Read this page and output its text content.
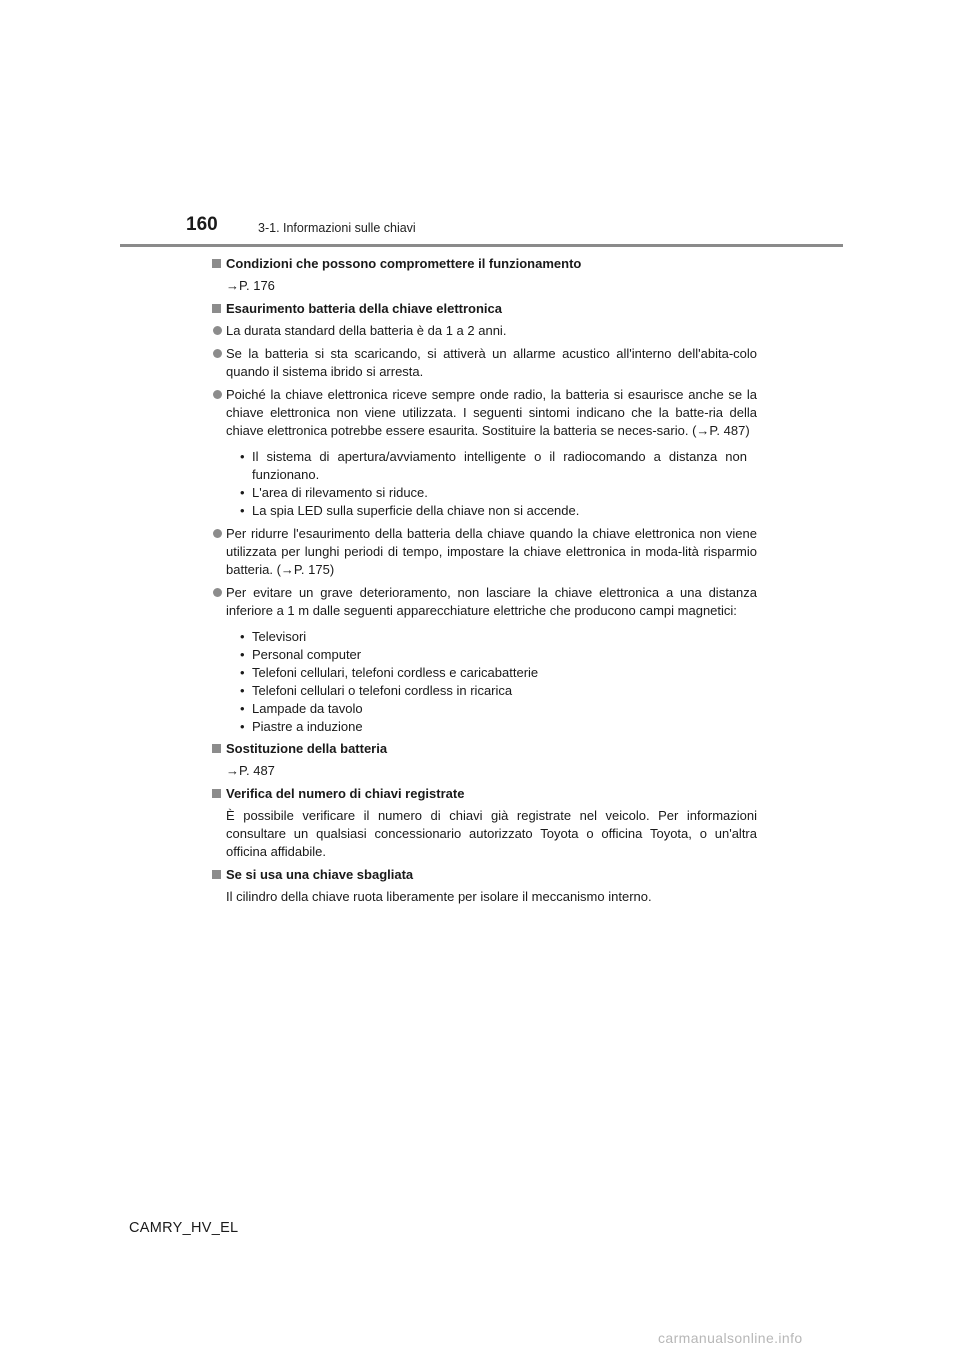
160	3-1. Informazioni sulle chiavi
Condizioni che possono compromettere il funzionamento
→P. 176
Esaurimento batteria della chiave elettronica
La durata standard della batteria è da 1 a 2 anni.
Se la batteria si sta scaricando, si attiverà un allarme acustico all'interno dell'abita-colo quando il sistema ibrido si arresta.
Poiché la chiave elettronica riceve sempre onde radio, la batteria si esaurisce anche se la chiave elettronica non viene utilizzata. I seguenti sintomi indicano che la batte-ria della chiave elettronica potrebbe essere esaurita. Sostituire la batteria se neces-sario. (→P. 487)
• Il sistema di apertura/avviamento intelligente o il radiocomando a distanza non funzionano.
• L'area di rilevamento si riduce.
• La spia LED sulla superficie della chiave non si accende.
Per ridurre l'esaurimento della batteria della chiave quando la chiave elettronica non viene utilizzata per lunghi periodi di tempo, impostare la chiave elettronica in moda-lità risparmio batteria. (→P. 175)
Per evitare un grave deterioramento, non lasciare la chiave elettronica a una distanza inferiore a 1 m dalle seguenti apparecchiature elettriche che producono campi magnetici:
• Televisori
• Personal computer
• Telefoni cellulari, telefoni cordless e caricabatterie
• Telefoni cellulari o telefoni cordless in ricarica
• Lampade da tavolo
• Piastre a induzione
Sostituzione della batteria
→P. 487
Verifica del numero di chiavi registrate
È possibile verificare il numero di chiavi già registrate nel veicolo. Per informazioni consultare un qualsiasi concessionario autorizzato Toyota o officina Toyota, o un'altra officina affidabile.
Se si usa una chiave sbagliata
Il cilindro della chiave ruota liberamente per isolare il meccanismo interno.
CAMRY_HV_EL
carmanualsonline.info
